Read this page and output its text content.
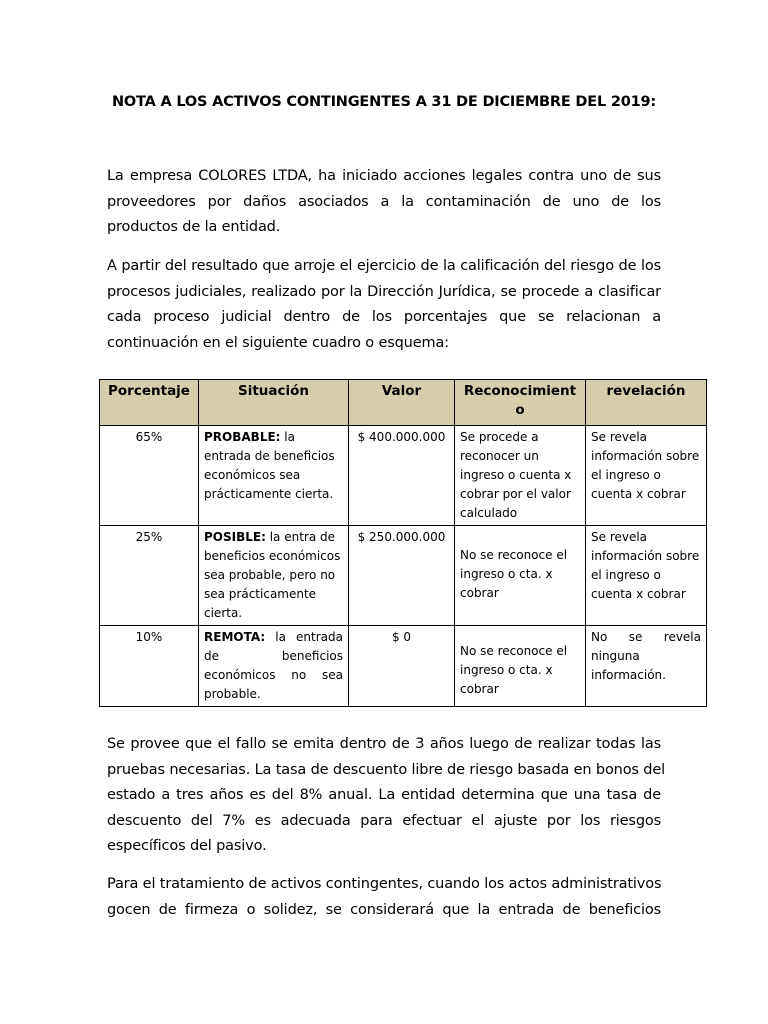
NOTA A LOS ACTIVOS CONTINGENTES A 31 DE DICIEMBRE DEL 2019:
La empresa COLORES LTDA, ha iniciado acciones legales contra uno de sus
proveedores por daños asociados a la contaminación de uno de los
productos de la entidad.
A partir del resultado que arroje el ejercicio de la calificación del riesgo de los
procesos judiciales, realizado por la Dirección Jurídica, se procede a clasificar
cada proceso judicial dentro de los porcentajes que se relacionan a
continuación en el siguiente cuadro o esquema:
Porcentaje	Situación	Valor	Reconocimient o	revelación
65%	PROBABLE: la entrada de beneficios económicos sea prácticamente cierta.	$ 400.000.000	Se procede a reconocer un ingreso o cuenta x cobrar por el valor calculado	Se revela información sobre el ingreso o cuenta x cobrar
25%	POSIBLE: la entra de beneficios económicos sea probable, pero no sea prácticamente cierta.	$ 250.000.000	No se reconoce el ingreso o cta. x cobrar	Se revela información sobre el ingreso o cuenta x cobrar
10%	REMOTA: la entrada de beneficios económicos no sea probable.	$ 0	No se reconoce el ingreso o cta. x cobrar	No se revela ninguna información.
Se provee que el fallo se emita dentro de 3 años luego de realizar todas las
pruebas necesarias. La tasa de descuento libre de riesgo basada en bonos del
estado a tres años es del 8% anual. La entidad determina que una tasa de
descuento del 7% es adecuada para efectuar el ajuste por los riesgos
específicos del pasivo.
Para el tratamiento de activos contingentes, cuando los actos administrativos
gocen de firmeza o solidez, se considerará que la entrada de beneficios
